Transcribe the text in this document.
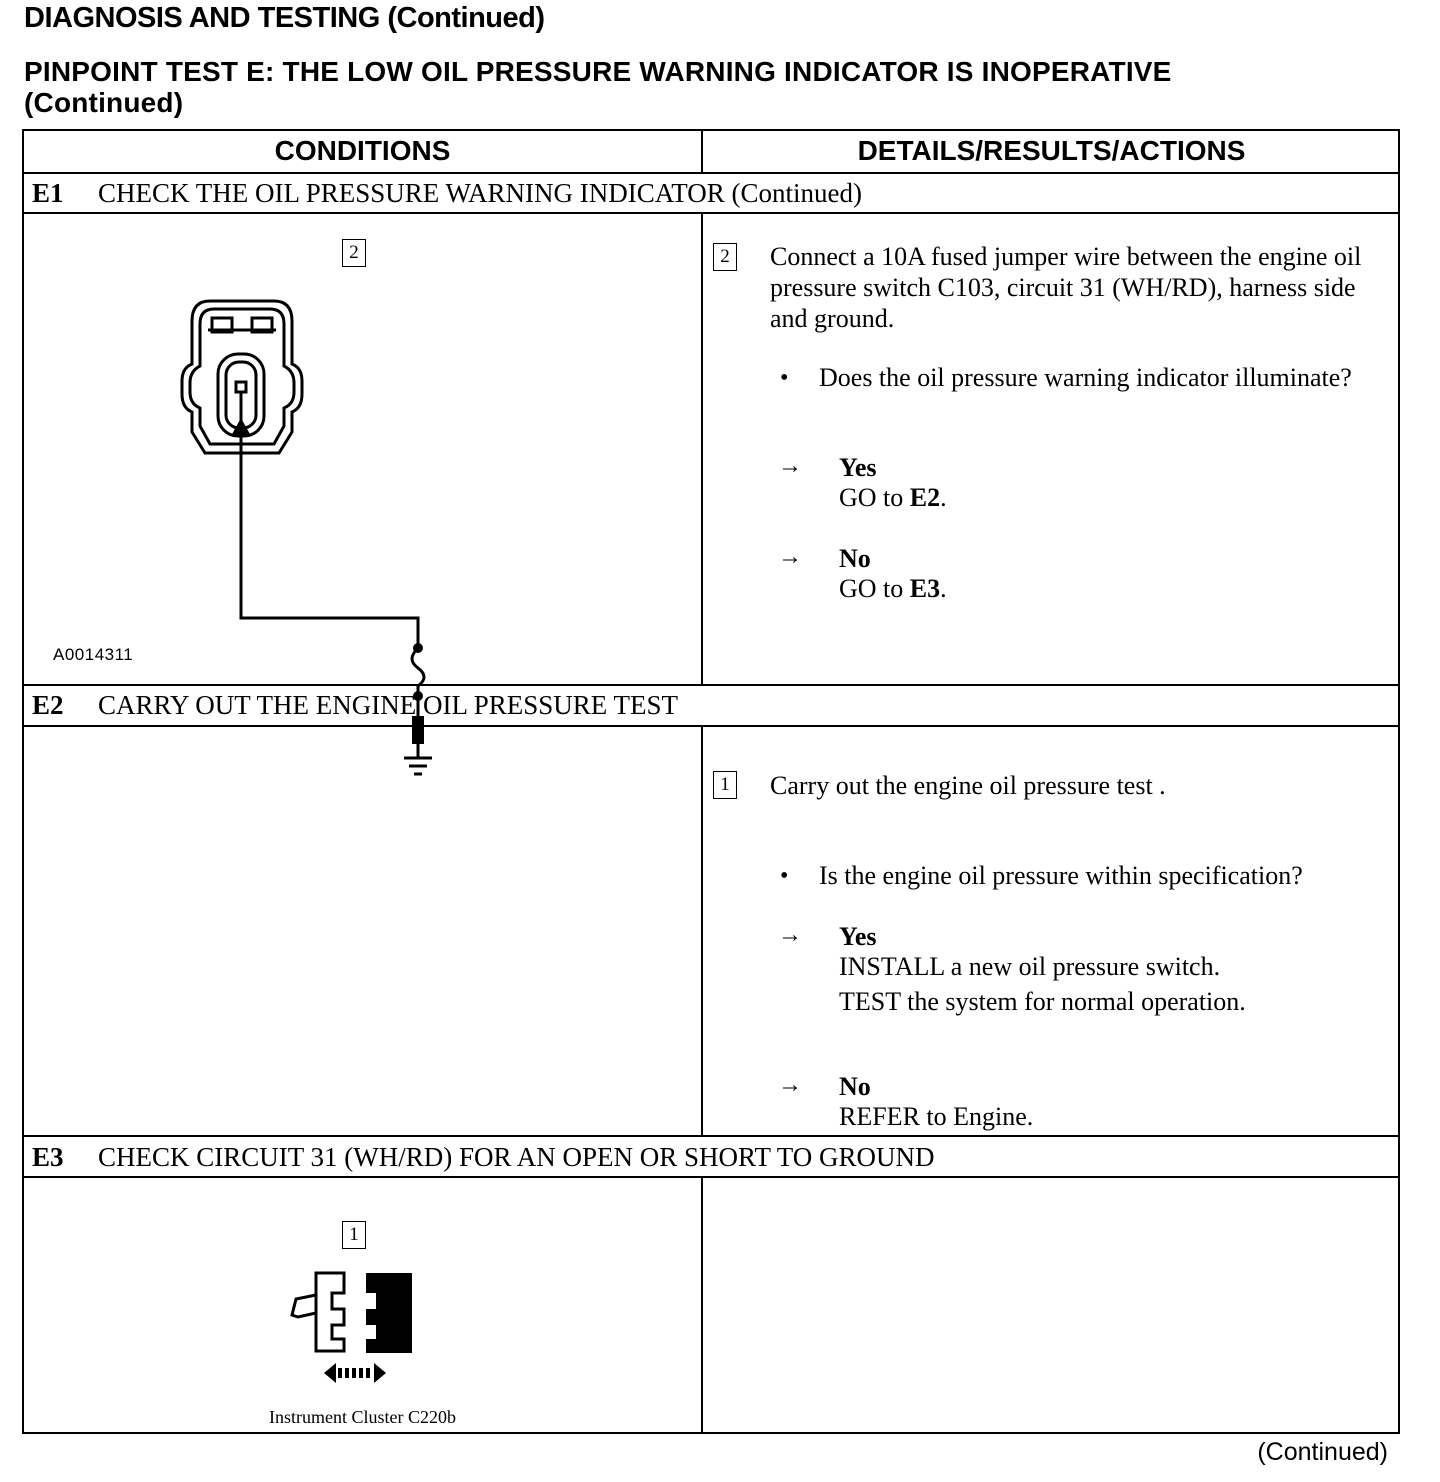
DIAGNOSIS AND TESTING (Continued)
PINPOINT TEST E: THE LOW OIL PRESSURE WARNING INDICATOR IS INOPERATIVE
(Continued)
CONDITIONS	DETAILS/RESULTS/ACTIONS
E1 CHECK THE OIL PRESSURE WARNING INDICATOR (Continued)
2
A0014311
2 Connect a 10A fused jumper wire between the engine oil pressure switch C103, circuit 31 (WH/RD), harness side and ground.
• Does the oil pressure warning indicator illuminate?
→ Yes
GO to E2.
→ No
GO to E3.
E2 CARRY OUT THE ENGINE OIL PRESSURE TEST
1 Carry out the engine oil pressure test .
• Is the engine oil pressure within specification?
→ Yes
INSTALL a new oil pressure switch.
TEST the system for normal operation.
→ No
REFER to Engine.
E3 CHECK CIRCUIT 31 (WH/RD) FOR AN OPEN OR SHORT TO GROUND
1
Instrument Cluster C220b
(Continued)
